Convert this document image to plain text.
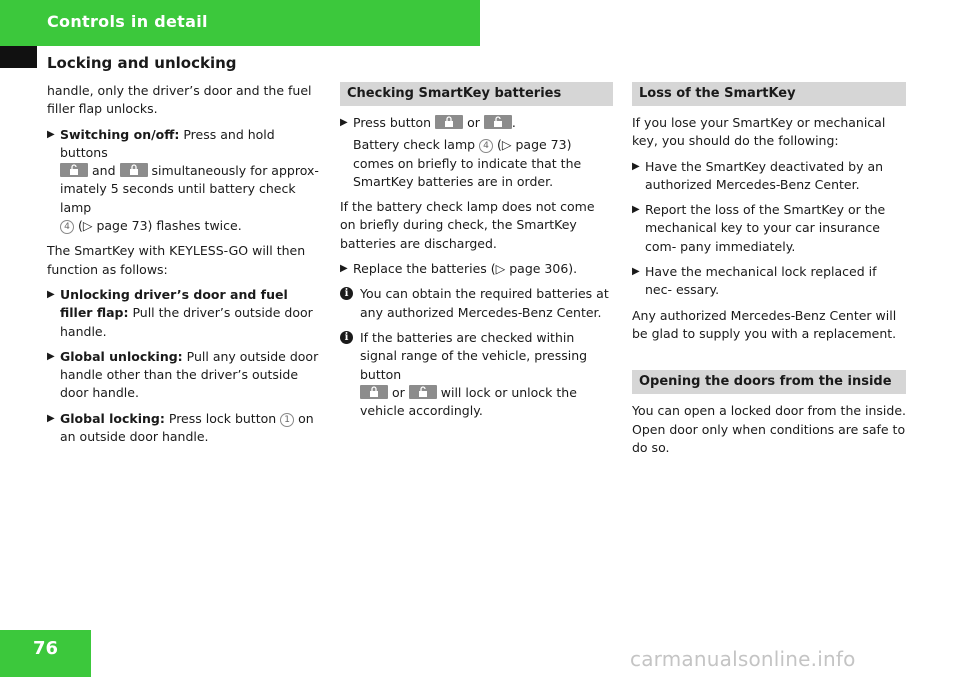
Controls in detail
Locking and unlocking

handle, only the driver’s door and the fuel filler flap unlocks.

▶ Switching on/off: Press and hold buttons

and	simultaneously for approx- imately 5 seconds until battery check lamp
4 (▷ page 73) flashes twice.

The SmartKey with KEYLESS-GO will then function as follows:

▶ Unlocking driver’s door and fuel filler flap: Pull the driver’s outside door handle.
▶ Global unlocking: Pull any outside door handle other than the driver’s outside door handle.
▶ Global locking: Press lock button 1 on an outside door handle.
Checking SmartKey batteries
▶ Press button	or	.
Battery check lamp 4 (▷ page 73) comes on briefly to indicate that the SmartKey batteries are in order.

If the battery check lamp does not come on briefly during check, the SmartKey batteries are discharged.

▶ Replace the batteries (▷ page 306).
i You can obtain the required batteries at any authorized Mercedes-Benz Center.
i If the batteries are checked within signal range of the vehicle, pressing button

or	will lock or unlock the vehicle accordingly.
Loss of the SmartKey

If you lose your SmartKey or mechanical key, you should do the following:

▶ Have the SmartKey deactivated by an authorized Mercedes-Benz Center.
▶ Report the loss of the SmartKey or the mechanical key to your car insurance com- pany immediately.
▶ Have the mechanical lock replaced if nec- essary.

Any authorized Mercedes-Benz Center will be glad to supply you with a replacement.

Opening the doors from the inside

You can open a locked door from the inside. Open door only when conditions are safe to do so.

76	carmanualsonline.info
